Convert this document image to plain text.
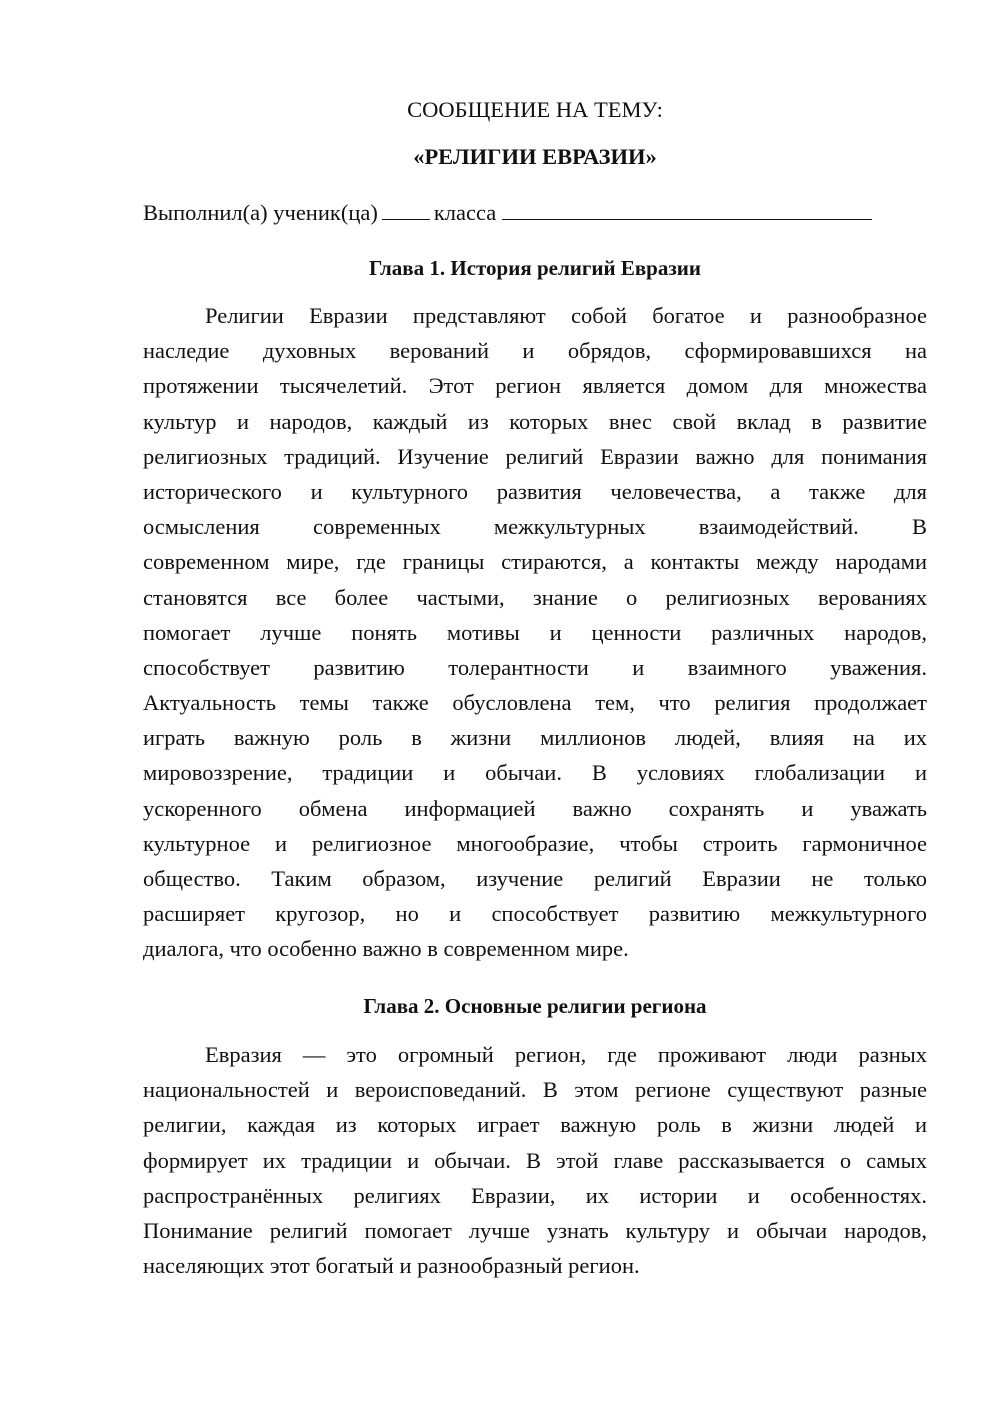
СООБЩЕНИЕ НА ТЕМУ:
«РЕЛИГИИ ЕВРАЗИИ»
Выполнил(а) ученик(ца) класса
Глава 1. История религий Евразии
Религии Евразии представляют собой богатое и разнообразное
наследие духовных верований и обрядов, сформировавшихся на
протяжении тысячелетий. Этот регион является домом для множества
культур и народов, каждый из которых внес свой вклад в развитие
религиозных традиций. Изучение религий Евразии важно для понимания
исторического и культурного развития человечества, а также для
осмысления современных межкультурных взаимодействий. В
современном мире, где границы стираются, а контакты между народами
становятся все более частыми, знание о религиозных верованиях
помогает лучше понять мотивы и ценности различных народов,
способствует развитию толерантности и взаимного уважения.
Актуальность темы также обусловлена тем, что религия продолжает
играть важную роль в жизни миллионов людей, влияя на их
мировоззрение, традиции и обычаи. В условиях глобализации и
ускоренного обмена информацией важно сохранять и уважать
культурное и религиозное многообразие, чтобы строить гармоничное
общество. Таким образом, изучение религий Евразии не только
расширяет кругозор, но и способствует развитию межкультурного
диалога, что особенно важно в современном мире.
Глава 2. Основные религии региона
Евразия — это огромный регион, где проживают люди разных
национальностей и вероисповеданий. В этом регионе существуют разные
религии, каждая из которых играет важную роль в жизни людей и
формирует их традиции и обычаи. В этой главе рассказывается о самых
распространённых религиях Евразии, их истории и особенностях.
Понимание религий помогает лучше узнать культуру и обычаи народов,
населяющих этот богатый и разнообразный регион.
